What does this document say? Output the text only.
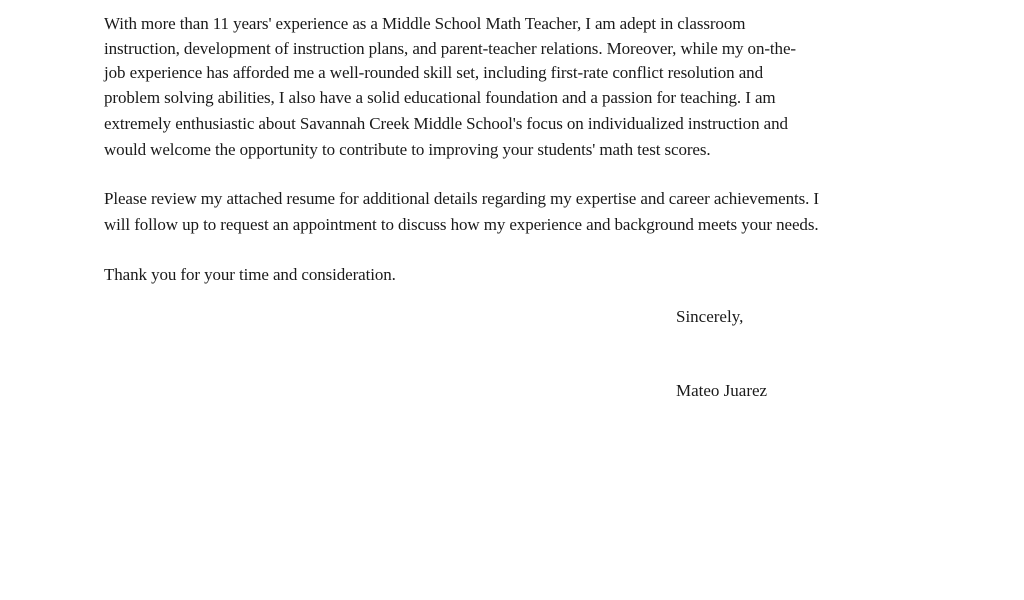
With more than 11 years' experience as a Middle School Math Teacher, I am adept in classroom
instruction, development of instruction plans, and parent-teacher relations. Moreover, while my on-the-
job experience has afforded me a well-rounded skill set, including first-rate conflict resolution and
problem solving abilities, I also have a solid educational foundation and a passion for teaching. I am
extremely enthusiastic about Savannah Creek Middle School's focus on individualized instruction and
would welcome the opportunity to contribute to improving your students' math test scores.
Please review my attached resume for additional details regarding my expertise and career achievements. I
will follow up to request an appointment to discuss how my experience and background meets your needs.
Thank you for your time and consideration.
Sincerely,
Mateo Juarez
